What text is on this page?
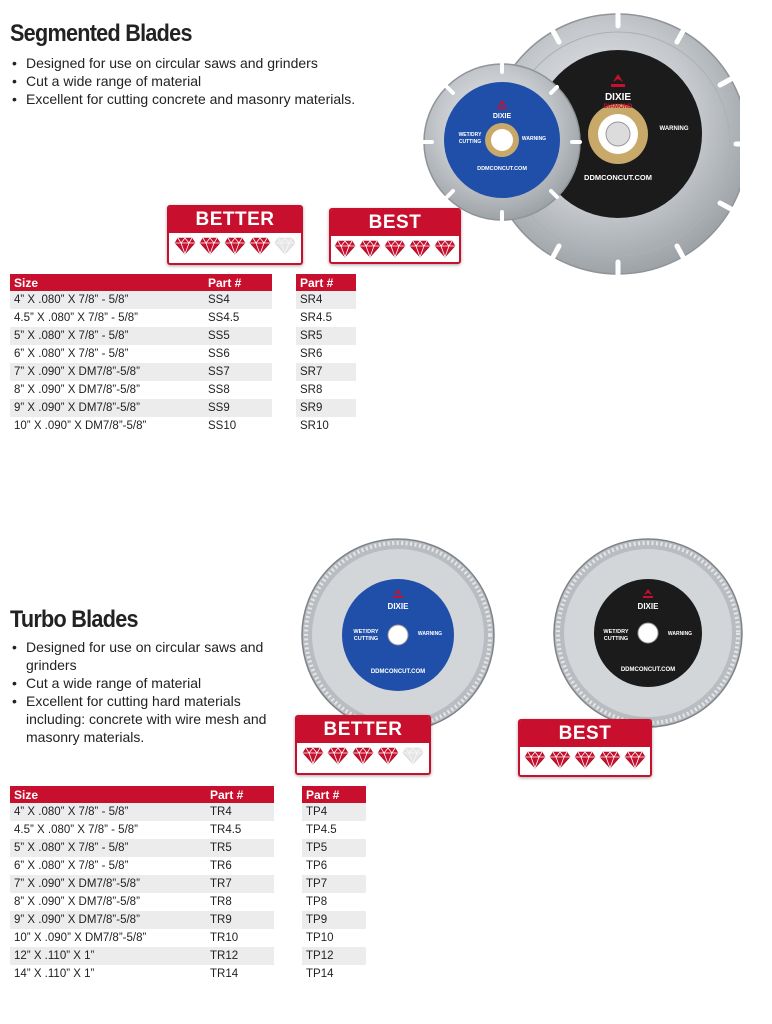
Segmented Blades
• Designed for use on circular saws and grinders
• Cut a wide range of material
• Excellent for cutting concrete and masonry materials.	DIXIE
DIAMOND
WARNING
DDMCONCUT.COM
DIXIE
WET/DRY
CUTTING	WARNING
DDMCONCUT.COM
BETTER	BEST
Size	Part #		Part #
4” X .080” X 7/8” - 5/8”	SS4		SR4
4.5” X .080” X 7/8” - 5/8”	SS4.5		SR4.5
5” X .080” X 7/8” - 5/8”	SS5		SR5
6” X .080” X 7/8” - 5/8”	SS6		SR6
7” X .090” X DM7/8”-5/8”	SS7		SR7
8” X .090” X DM7/8”-5/8”	SS8		SR8
9” X .090” X DM7/8”-5/8”	SS9		SR9
10” X .090” X DM7/8”-5/8”	SS10		SR10
Turbo Blades
• Designed for use on circular saws and grinders
• Cut a wide range of material
• Excellent for cutting hard materials including: concrete with wire mesh and masonry materials.
DIXIE
WET/DRY
CUTTING
WARNING
DDMCONCUT.COM
DIXIE
WET/DRY
CUTTING
WARNING
DDMCONCUT.COM
BETTER	BEST
Size	Part #		Part #
4” X .080” X 7/8” - 5/8”	TR4		TP4
4.5” X .080” X 7/8” - 5/8”	TR4.5		TP4.5
5” X .080” X 7/8” - 5/8”	TR5		TP5
6” X .080” X 7/8” - 5/8”	TR6		TP6
7” X .090” X DM7/8”-5/8”	TR7		TP7
8” X .090” X DM7/8”-5/8”	TR8		TP8
9” X .090” X DM7/8”-5/8”	TR9		TP9
10” X .090” X DM7/8”-5/8”	TR10		TP10
12” X .110” X 1”	TR12		TP12
14” X .110” X 1”	TR14		TP14
